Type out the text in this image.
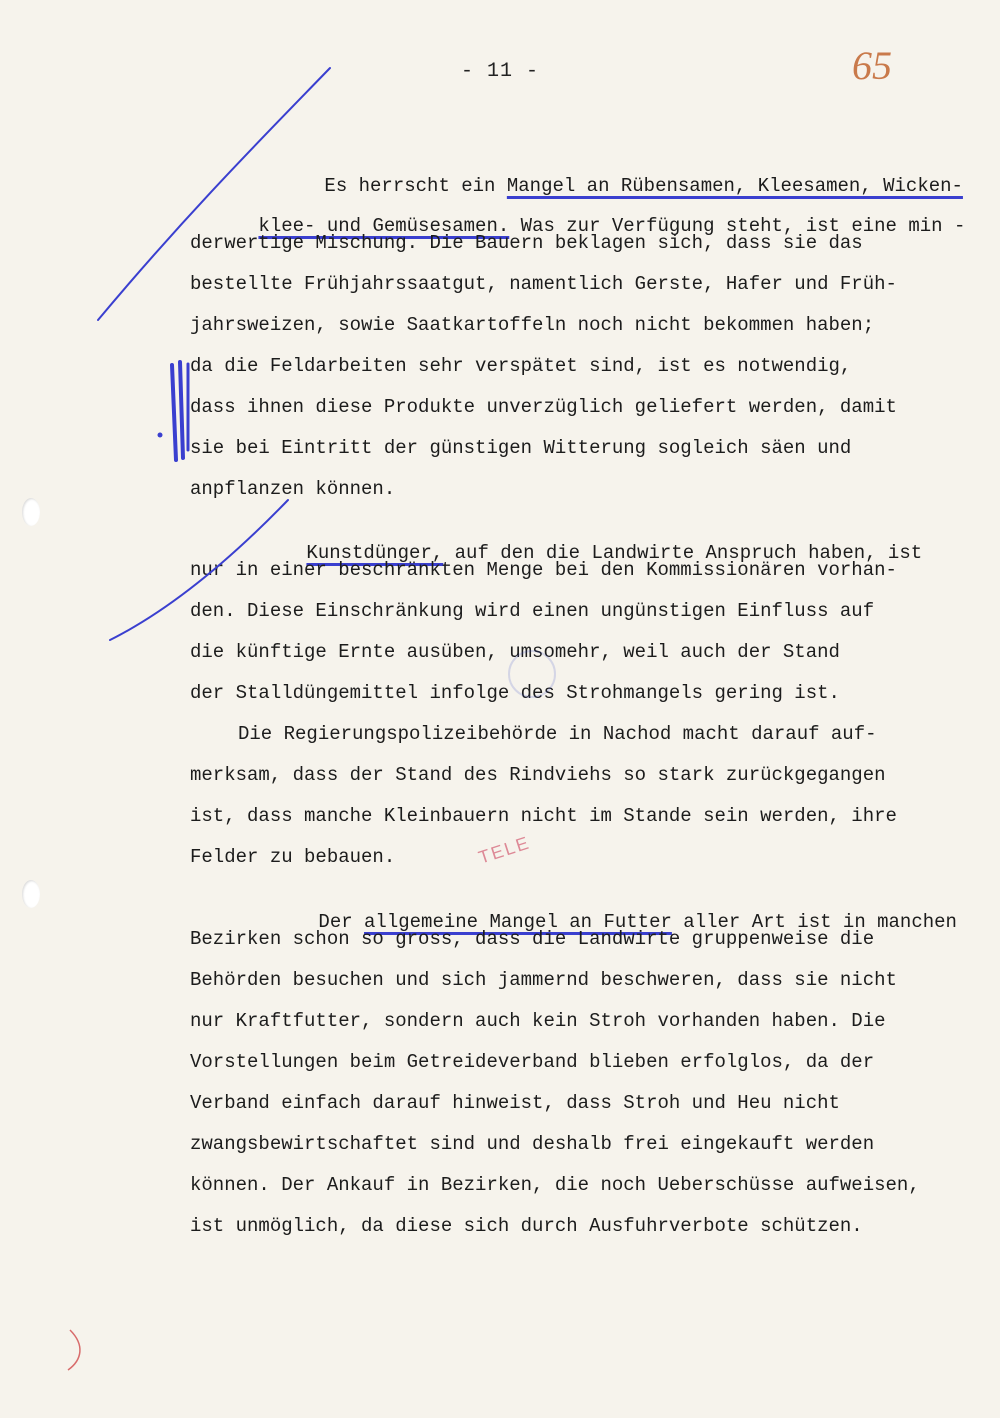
65
- 11 -

Es herrscht ein Mangel an Rübensamen, Kleesamen, Wicken-

klee- und Gemüsesamen. Was zur Verfügung steht, ist eine min -

derwertige Mischung. Die Bauern beklagen sich, dass sie das
bestellte Frühjahrssaatgut, namentlich Gerste, Hafer und Früh-
jahrsweizen, sowie Saatkartoffeln noch nicht bekommen haben;
da die Feldarbeiten sehr verspätet sind, ist es notwendig,
dass ihnen diese Produkte unverzüglich geliefert werden, damit
sie bei Eintritt der günstigen Witterung sogleich säen und
anpflanzen können.

Kunstdünger, auf den die Landwirte Anspruch haben, ist

nur in einer beschränkten Menge bei den Kommissionären vorhan-
den. Diese Einschränkung wird einen ungünstigen Einfluss auf
die künftige Ernte ausüben, umsomehr, weil auch der Stand
der Stalldüngemittel infolge des Strohmangels gering ist.
Die Regierungspolizeibehörde in Nachod macht darauf auf-
merksam, dass der Stand des Rindviehs so stark zurückgegangen
ist, dass manche Kleinbauern nicht im Stande sein werden, ihre
Felder zu bebauen.

Der allgemeine Mangel an Futter aller Art ist in manchen

Bezirken schon so gross, dass die Landwirte gruppenweise die
Behörden besuchen und sich jammernd beschweren, dass sie nicht
nur Kraftfutter, sondern auch kein Stroh vorhanden haben. Die
Vorstellungen beim Getreideverband blieben erfolglos, da der
Verband einfach darauf hinweist, dass Stroh und Heu nicht
zwangsbewirtschaftet sind und deshalb frei eingekauft werden
können. Der Ankauf in Bezirken, die noch Ueberschüsse aufweisen,
ist unmöglich, da diese sich durch Ausfuhrverbote schützen.
TELE
